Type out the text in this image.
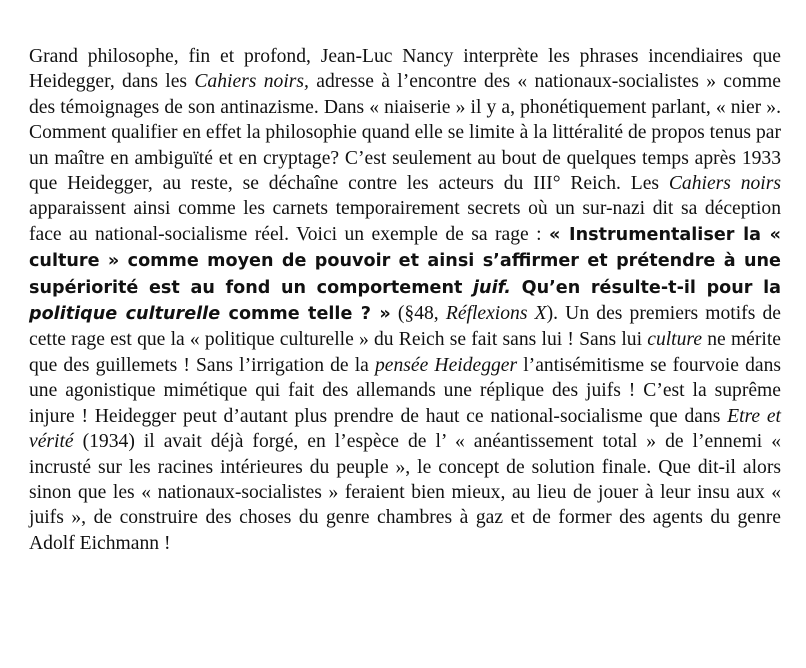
Grand philosophe, fin et profond, Jean-Luc Nancy interprète les phrases incendiaires que Heidegger, dans les Cahiers noirs, adresse à l’encontre des « nationaux-socialistes » comme des témoignages de son antinazisme. Dans « niaiserie » il y a, phonétiquement parlant, « nier ». Comment qualifier en effet la philosophie quand elle se limite à la littéralité de propos tenus par un maître en ambiguïté et en cryptage? C’est seulement au bout de quelques temps après 1933 que Heidegger, au reste, se déchaîne contre les acteurs du III° Reich. Les Cahiers noirs apparaissent ainsi comme les carnets temporairement secrets où un sur-nazi dit sa déception face au national-socialisme réel. Voici un exemple de sa rage : « Instrumentaliser la « culture » comme moyen de pouvoir et ainsi s’affirmer et prétendre à une supériorité est au fond un comportement juif. Qu’en résulte-t-il pour la politique culturelle comme telle ? » (§48, Réflexions X). Un des premiers motifs de cette rage est que la « politique culturelle » du Reich se fait sans lui ! Sans lui culture ne mérite que des guillemets ! Sans l’irrigation de la pensée Heidegger l’antisémitisme se fourvoie dans une agonistique mimétique qui fait des allemands une réplique des juifs ! C’est la suprême injure ! Heidegger peut d’autant plus prendre de haut ce national-socialisme que dans Etre et vérité (1934) il avait déjà forgé, en l’espèce de l’ « anéantissement total » de l’ennemi « incrusté sur les racines intérieures du peuple », le concept de solution finale. Que dit-il alors sinon que les « nationaux-socialistes » feraient bien mieux, au lieu de jouer à leur insu aux « juifs », de construire des choses du genre chambres à gaz et de former des agents du genre Adolf Eichmann !
